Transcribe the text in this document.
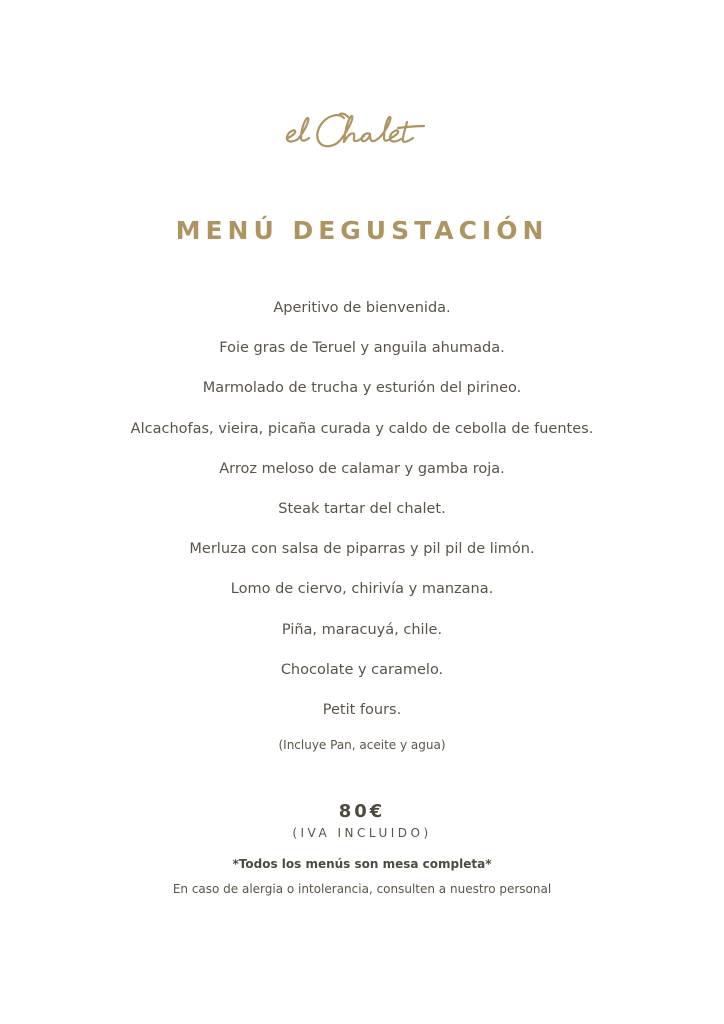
MENÚ DEGUSTACIÓN
Aperitivo de bienvenida.
Foie gras de Teruel y anguila ahumada.
Marmolado de trucha y esturión del pirineo.
Alcachofas, vieira, picaña curada y caldo de cebolla de fuentes.
Arroz meloso de calamar y gamba roja.
Steak tartar del chalet.
Merluza con salsa de piparras y pil pil de limón.
Lomo de ciervo, chirivía y manzana.
Piña, maracuyá, chile.
Chocolate y caramelo.
Petit fours.
(Incluye Pan, aceite y agua)
80€
(IVA INCLUIDO)
*Todos los menús son mesa completa*
En caso de alergia o intolerancia, consulten a nuestro personal
